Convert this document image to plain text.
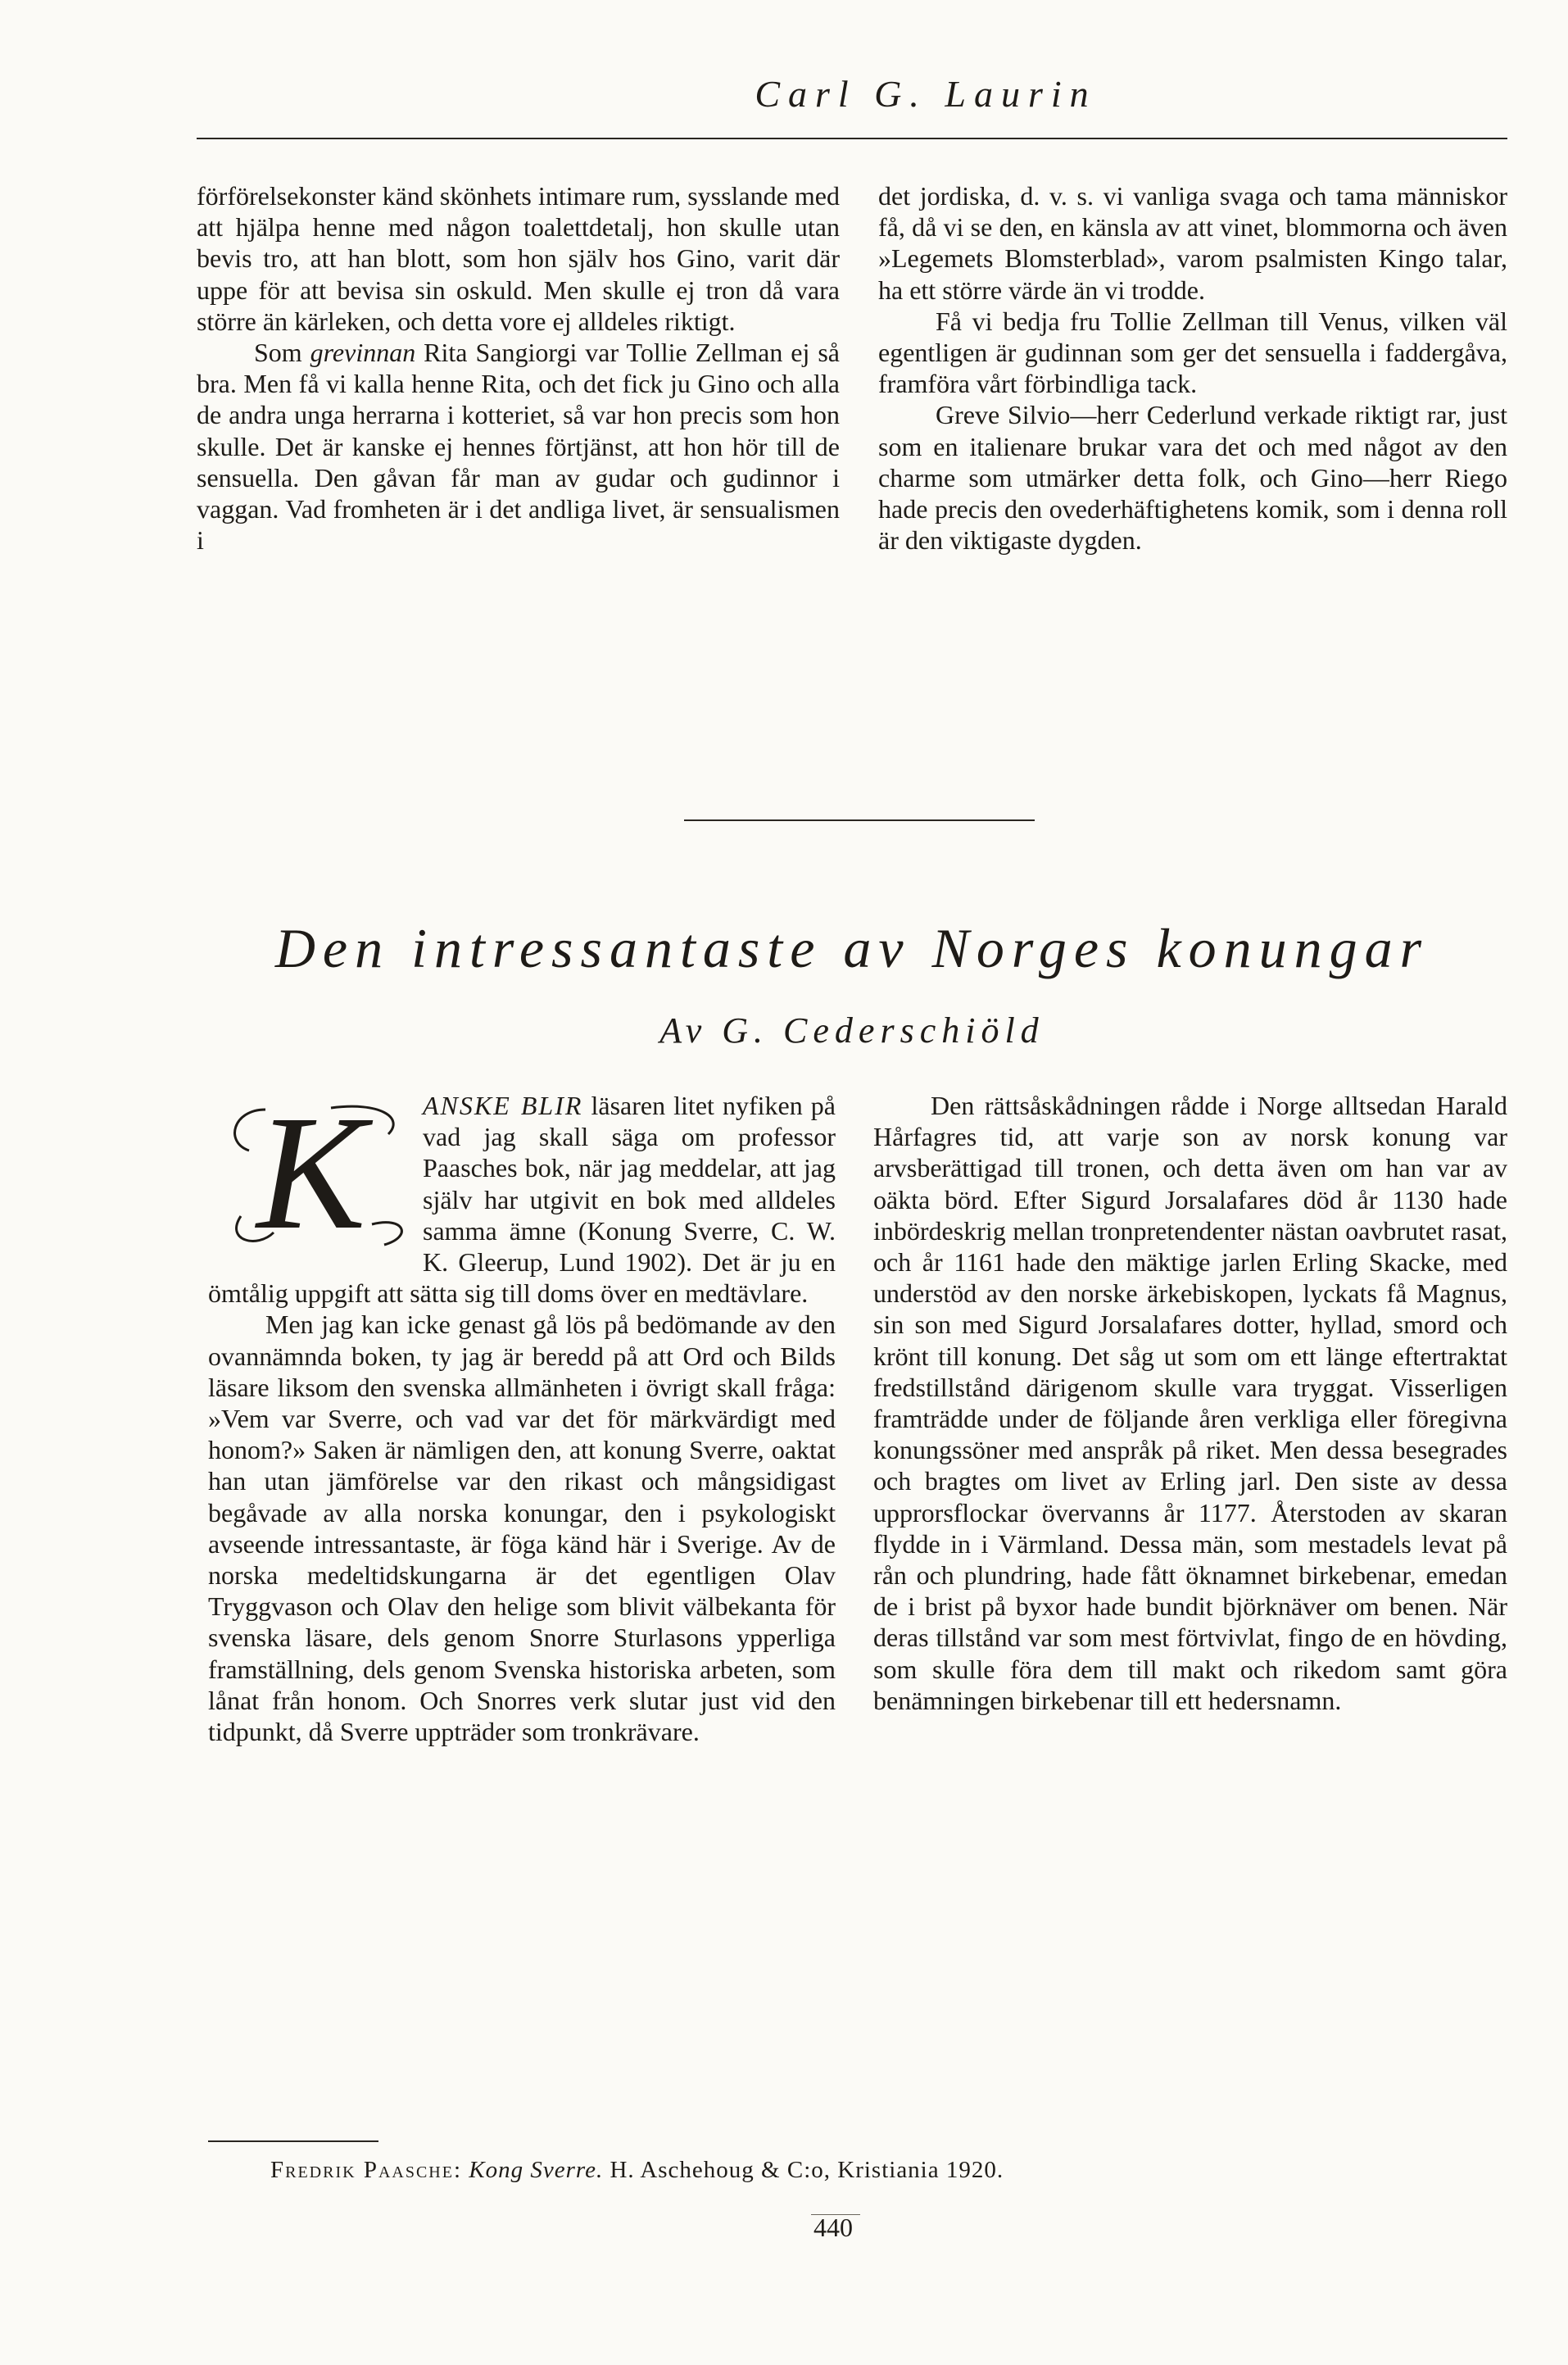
Carl G. Laurin

förförelsekonster känd skönhets intimare rum, sysslande med att hjälpa henne med någon toalettdetalj, hon skulle utan bevis tro, att han blott, som hon själv hos Gino, varit där uppe för att bevisa sin oskuld. Men skulle ej tron då vara större än kärleken, och detta vore ej alldeles riktigt.

Som grevinnan Rita Sangiorgi var Tollie Zellman ej så bra. Men få vi kalla henne Rita, och det fick ju Gino och alla de andra unga herrarna i kotteriet, så var hon precis som hon skulle. Det är kanske ej hennes förtjänst, att hon hör till de sensuella. Den gåvan får man av gudar och gudinnor i vaggan. Vad fromheten är i det andliga livet, är sensualismen i

det jordiska, d. v. s. vi vanliga svaga och tama människor få, då vi se den, en känsla av att vinet, blommorna och även »Legemets Blomsterblad», varom psalmisten Kingo talar, ha ett större värde än vi trodde.

Få vi bedja fru Tollie Zellman till Venus, vilken väl egentligen är gudinnan som ger det sensuella i faddergåva, framföra vårt förbindliga tack.

Greve Silvio—herr Cederlund verkade riktigt rar, just som en italienare brukar vara det och med något av den charme som utmärker detta folk, och Gino—herr Riego hade precis den ovederhäftighetens komik, som i denna roll är den viktigaste dygden.

Den intressantaste av Norges konungar
Av G. Cederschiöld

K	ANSKE BLIR läsaren litet nyfiken på vad jag skall säga om professor Paasches bok, när jag meddelar, att jag själv har utgivit en bok med alldeles samma ämne (Konung Sverre, C. W. K. Gleerup, Lund 1902). Det är ju en ömtålig uppgift att sätta sig till doms över en medtävlare.

Men jag kan icke genast gå lös på bedömande av den ovannämnda boken, ty jag är beredd på att Ord och Bilds läsare liksom den svenska allmänheten i övrigt skall fråga: »Vem var Sverre, och vad var det för märkvärdigt med honom?» Saken är nämligen den, att konung Sverre, oaktat han utan jämförelse var den rikast och mångsidigast begåvade av alla norska konungar, den i psykologiskt avseende intressantaste, är föga känd här i Sverige. Av de norska medeltidskungarna är det egentligen Olav Tryggvason och Olav den helige som blivit välbekanta för svenska läsare, dels genom Snorre Sturlasons ypperliga framställning, dels genom Svenska historiska arbeten, som lånat från honom. Och Snorres verk slutar just vid den tidpunkt, då Sverre uppträder som tronkrävare.

Den rättsåskådningen rådde i Norge alltsedan Harald Hårfagres tid, att varje son av norsk konung var arvsberättigad till tronen, och detta även om han var av oäkta börd. Efter Sigurd Jorsalafares död år 1130 hade inbördeskrig mellan tronpretendenter nästan oavbrutet rasat, och år 1161 hade den mäktige jarlen Erling Skacke, med understöd av den norske ärkebiskopen, lyckats få Magnus, sin son med Sigurd Jorsalafares dotter, hyllad, smord och krönt till konung. Det såg ut som om ett länge eftertraktat fredstillstånd därigenom skulle vara tryggat. Visserligen framträdde under de följande åren verkliga eller föregivna konungssöner med anspråk på riket. Men dessa besegrades och bragtes om livet av Erling jarl. Den siste av dessa upprorsflockar övervanns år 1177. Återstoden av skaran flydde in i Värmland. Dessa män, som mestadels levat på rån och plundring, hade fått öknamnet birkebenar, emedan de i brist på byxor hade bundit björknäver om benen. När deras tillstånd var som mest förtvivlat, fingo de en hövding, som skulle föra dem till makt och rikedom samt göra benämningen birkebenar till ett hedersnamn.

Fredrik Paasche: Kong Sverre. H. Aschehoug & C:o, Kristiania 1920.
440
